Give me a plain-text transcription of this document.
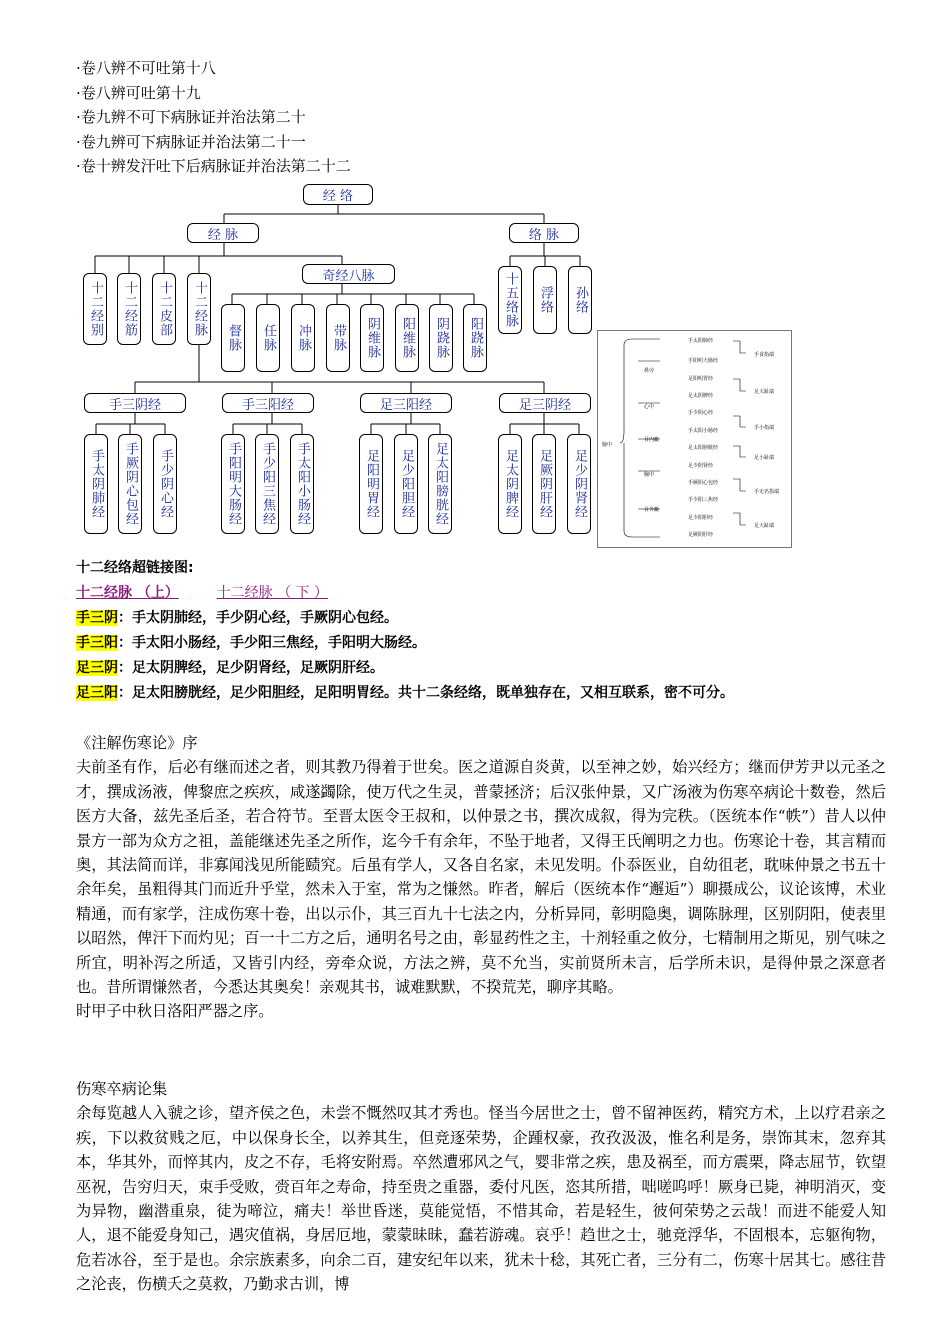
·卷八辨不可吐第十八
·卷八辨可吐第十九
·卷九辨不可下病脉证并治法第二十
·卷九辨可下病脉证并治法第二十一
·卷十辨发汗吐下后病脉证并治法第二十二
经 络
经 脉	络 脉
奇经八脉
十二经别	十二经筋	十二皮部	十二经脉
督脉	任脉	冲脉	带脉	阴维脉	阳维脉	阴跷脉	阳跷脉
十五络脉	浮络	孙络
手三阴经	手三阳经	足三阳经	足三阴经
手太阴肺经	手厥阴心包经	手少阴心经	手阳明大肠经	手少阳三焦经	手太阳小肠经	足阳明胃经	足少阳胆经	足太阳膀胱经	足太阴脾经	足厥阴肝经	足少阴肾经
脑中
鼻旁
心中
目内眦
胸中
目外眦
手太阴肺经
手阳明大肠经
足阳明胃经
足太阴脾经
手少阴心经
手太阳小肠经
足太阳膀胱经
足少阴肾经
手厥阴心包经
手少阳三焦经
足少阳胆经
足厥阴肝经
手食指端
足大趾端
手小指端
足小趾端
手无名指端
足大趾端
十二经络超链接图:
十二经脉 （上）	十二经脉 （ 下 ）
手三阴：手太阴肺经，手少阴心经，手厥阴心包经。
手三阳：手太阳小肠经，手少阳三焦经，手阳明大肠经。
足三阴：足太阴脾经，足少阴肾经，足厥阴肝经。
足三阳：足太阳膀胱经，足少阳胆经，足阳明胃经。共十二条经络，既单独存在，又相互联系，密不可分。

《注解伤寒论》序

夫前圣有作，后必有继而述之者，则其教乃得着于世矣。医之道源自炎黄，以至神之妙，始兴经方；继而伊芳尹以元圣之才，撰成汤液，俾黎庶之疾疚，咸遂蠲除，使万代之生灵，普蒙拯济；后汉张仲景，又广汤液为伤寒卒病论十数卷，然后医方大备，兹先圣后圣，若合符节。至晋太医令王叔和，以仲景之书，撰次成叙，得为完秩。（医统本作“帙”）昔人以仲景方一部为众方之祖，盖能继述先圣之所作，迄今千有余年，不坠于地者，又得王氏阐明之力也。伤寒论十卷，其言精而奥，其法简而详，非寡闻浅见所能赜究。后虽有学人，又各自名家，未见发明。仆忝医业，自幼徂老，耽味仲景之书五十余年矣，虽粗得其门而近升乎堂，然未入于室，常为之慊然。昨者，解后（医统本作“邂逅”）聊摄成公，议论该博，术业精通，而有家学，注成伤寒十卷，出以示仆，其三百九十七法之内，分析异同，彰明隐奥，调陈脉理，区别阴阳，使表里以昭然，俾汗下而灼见；百一十二方之后，通明名号之由，彰显药性之主，十剂轻重之攸分，七精制用之斯见，别气味之所宜，明补泻之所适，又皆引内经，旁牵众说，方法之辨，莫不允当，实前贤所未言，后学所未识，是得仲景之深意者也。昔所谓慊然者，今悉达其奥矣！亲观其书，诚难默默，不揆荒芜，聊序其略。

时甲子中秋日洛阳严器之序。

伤寒卒病论集

余每览越人入虢之诊，望齐侯之色，未尝不慨然叹其才秀也。怪当今居世之士，曾不留神医药，精究方术，上以疗君亲之疾，下以救贫贱之厄，中以保身长全，以养其生，但竞逐荣势，企踵权豪，孜孜汲汲，惟名利是务，崇饰其末，忽弃其本，华其外，而悴其内，皮之不存，毛将安附焉。卒然遭邪风之气，婴非常之疾，患及祸至，而方震栗，降志屈节，钦望巫祝，告穷归天，束手受败，赍百年之寿命，持至贵之重器，委付凡医，恣其所措，咄嗟呜呼！厥身已毙，神明消灭，变为异物，幽潜重泉，徒为啼泣，痛夫！举世昏迷，莫能觉悟，不惜其命，若是轻生，彼何荣势之云哉！而进不能爱人知人，退不能爱身知己，遇灾值祸，身居厄地，蒙蒙昧昧，蠢若游魂。哀乎！趋世之士，驰竞浮华，不固根本，忘躯徇物，危若冰谷，至于是也。余宗族素多，向余二百，建安纪年以来，犹未十稔，其死亡者，三分有二，伤寒十居其七。感往昔之沦丧，伤横夭之莫救，乃勤求古训，博
